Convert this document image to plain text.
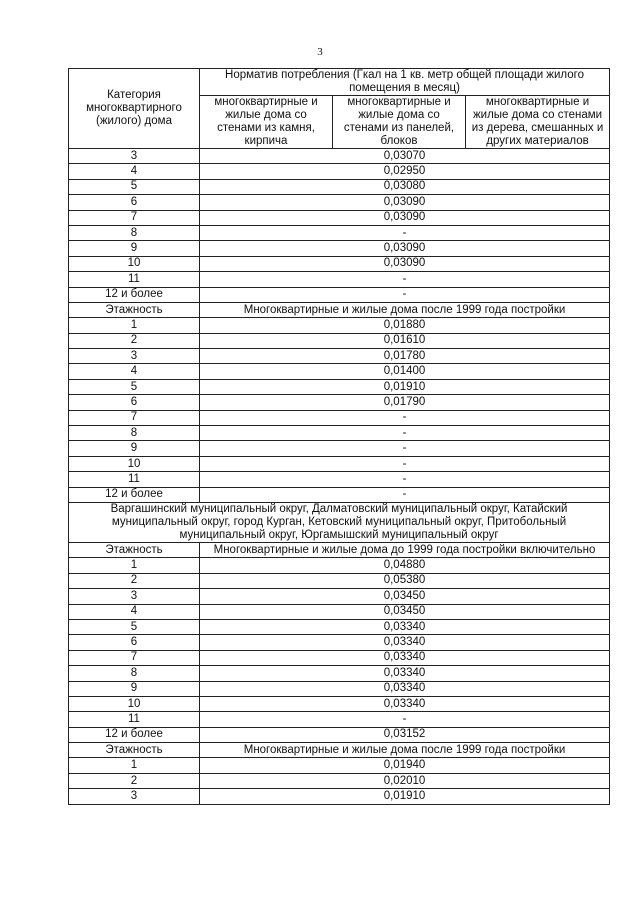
3
Категория многоквартирного (жилого) дома	Норматив потребления (Гкал на 1 кв. метр общей площади жилого помещения в месяц)		
	многоквартирные и жилые дома со стенами из камня, кирпича	многоквартирные и жилые дома со стенами из панелей, блоков	многоквартирные и жилые дома со стенами из дерева, смешанных и других материалов
3	0,03070		
4	0,02950		
5	0,03080		
6	0,03090		
7	0,03090		
8	-		
9	0,03090		
10	0,03090		
11	-		
12 и более	-		
Этажность	Многоквартирные и жилые дома после 1999 года постройки		
1	0,01880		
2	0,01610		
3	0,01780		
4	0,01400		
5	0,01910		
6	0,01790		
7	-		
8	-		
9	-		
10	-		
11	-		
12 и более	-		
Варгашинский муниципальный округ, Далматовский муниципальный округ, Катайский муниципальный округ, город Курган, Кетовский муниципальный округ, Притобольный муниципальный округ, Юргамышский муниципальный округ			
Этажность	Многоквартирные и жилые дома до 1999 года постройки включительно		
1	0,04880		
2	0,05380		
3	0,03450		
4	0,03450		
5	0,03340		
6	0,03340		
7	0,03340		
8	0,03340		
9	0,03340		
10	0,03340		
11	-		
12 и более	0,03152		
Этажность	Многоквартирные и жилые дома после 1999 года постройки		
1	0,01940		
2	0,02010		
3	0,01910		
